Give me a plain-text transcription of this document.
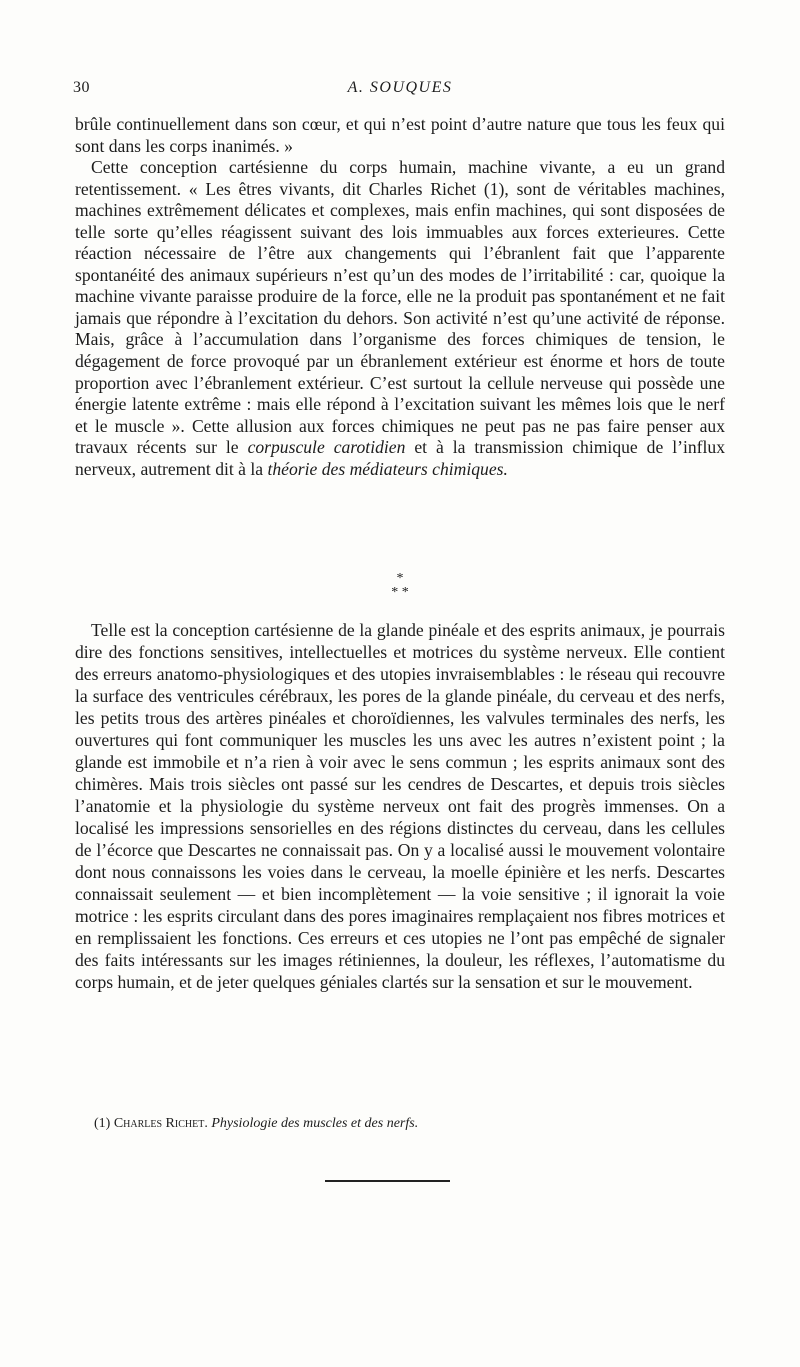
30	A. SOUQUES

brûle continuellement dans son cœur, et qui n’est point d’autre nature que tous les feux qui sont dans les corps inanimés. »

Cette conception cartésienne du corps humain, machine vivante, a eu un grand retentissement. « Les êtres vivants, dit Charles Richet (1), sont de véritables machines, machines extrêmement délicates et complexes, mais enfin machines, qui sont disposées de telle sorte qu’elles réagissent suivant des lois immuables aux forces exterieures. Cette réaction nécessaire de l’être aux changements qui l’ébranlent fait que l’apparente spontanéité des animaux supérieurs n’est qu’un des modes de l’irritabilité : car, quoique la machine vivante paraisse produire de la force, elle ne la produit pas spontanément et ne fait jamais que répondre à l’excitation du dehors. Son activité n’est qu’une activité de réponse. Mais, grâce à l’accumulation dans l’organisme des forces chimiques de tension, le dégagement de force provoqué par un ébranlement extérieur est énorme et hors de toute proportion avec l’ébranlement extérieur. C’est surtout la cellule nerveuse qui possède une énergie latente extrême : mais elle répond à l’excitation suivant les mêmes lois que le nerf et le muscle ». Cette allusion aux forces chimiques ne peut pas ne pas faire penser aux travaux récents sur le corpuscule carotidien et à la transmission chimique de l’influx nerveux, autrement dit à la théorie des médiateurs chimiques.

*
* *

Telle est la conception cartésienne de la glande pinéale et des esprits animaux, je pourrais dire des fonctions sensitives, intellectuelles et motrices du système nerveux. Elle contient des erreurs anatomo-physiologiques et des utopies invraisemblables : le réseau qui recouvre la surface des ventricules cérébraux, les pores de la glande pinéale, du cerveau et des nerfs, les petits trous des artères pinéales et choroïdiennes, les valvules terminales des nerfs, les ouvertures qui font communiquer les muscles les uns avec les autres n’existent point ; la glande est immobile et n’a rien à voir avec le sens commun ; les esprits animaux sont des chimères. Mais trois siècles ont passé sur les cendres de Descartes, et depuis trois siècles l’anatomie et la physiologie du système nerveux ont fait des progrès immenses. On a localisé les impressions sensorielles en des régions distinctes du cerveau, dans les cellules de l’écorce que Descartes ne connaissait pas. On y a localisé aussi le mouvement volontaire dont nous connaissons les voies dans le cerveau, la moelle épinière et les nerfs. Descartes connaissait seulement — et bien incomplètement — la voie sensitive ; il ignorait la voie motrice : les esprits circulant dans des pores imaginaires remplaçaient nos fibres motrices et en remplissaient les fonctions. Ces erreurs et ces utopies ne l’ont pas empêché de signaler des faits intéressants sur les images rétiniennes, la douleur, les réflexes, l’automatisme du corps humain, et de jeter quelques géniales clartés sur la sensation et sur le mouvement.

(1) Charles Richet. Physiologie des muscles et des nerfs.
